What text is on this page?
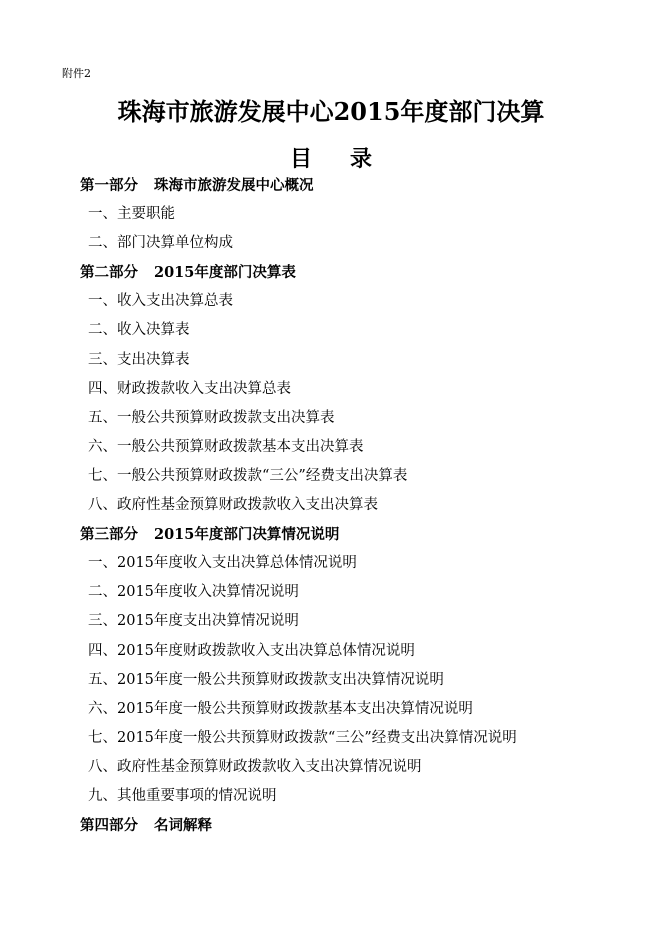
附件2
珠海市旅游发展中心2015年度部门决算
目录
第一部分 珠海市旅游发展中心概况
一、主要职能
二、部门决算单位构成
第二部分 2015年度部门决算表
一、收入支出决算总表
二、收入决算表
三、支出决算表
四、财政拨款收入支出决算总表
五、一般公共预算财政拨款支出决算表
六、一般公共预算财政拨款基本支出决算表
七、一般公共预算财政拨款“三公”经费支出决算表
八、政府性基金预算财政拨款收入支出决算表
第三部分 2015年度部门决算情况说明
一、2015年度收入支出决算总体情况说明
二、2015年度收入决算情况说明
三、2015年度支出决算情况说明
四、2015年度财政拨款收入支出决算总体情况说明
五、2015年度一般公共预算财政拨款支出决算情况说明
六、2015年度一般公共预算财政拨款基本支出决算情况说明
七、2015年度一般公共预算财政拨款“三公”经费支出决算情况说明
八、政府性基金预算财政拨款收入支出决算情况说明
九、其他重要事项的情况说明
第四部分 名词解释
